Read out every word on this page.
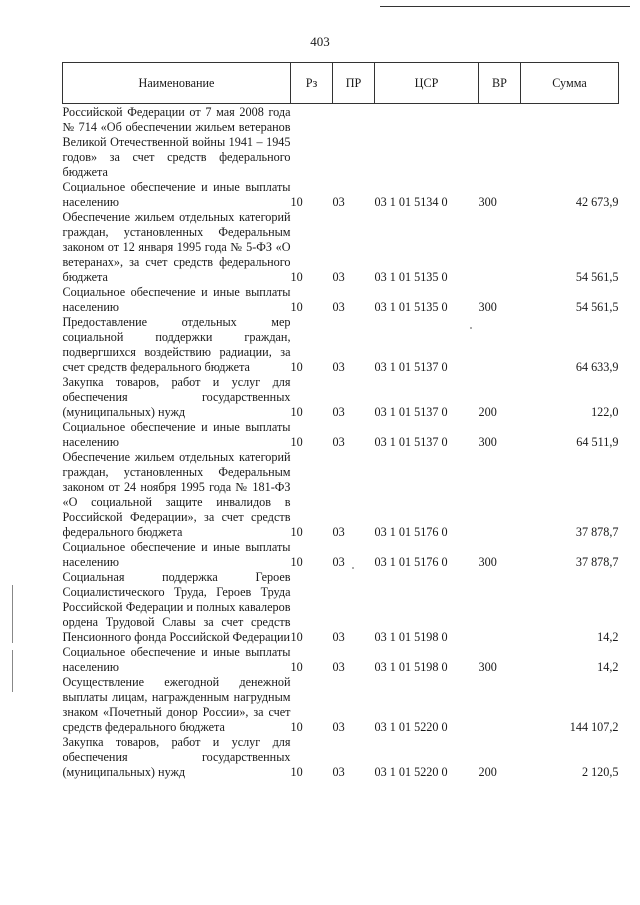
403
Наименование	Рз	ПР	ЦСР	ВР	Сумма

Российской Федерации от 7 мая 2008 года № 714 «Об обеспечении жильем ветеранов Великой Отечественной войны 1941 – 1945 годов» за счет средств федерального бюджета					

Социальное обеспечение и иные выплаты населению	10	03	03 1 01 5134 0	300	42 673,9

Обеспечение жильем отдельных категорий граждан, установленных Федеральным законом от 12 января 1995 года № 5-ФЗ «О ветеранах», за счет средств федерального бюджета	10	03	03 1 01 5135 0		54 561,5

Социальное обеспечение и иные выплаты населению	10	03	03 1 01 5135 0	300	54 561,5

Предоставление отдельных мер социальной поддержки граждан, подвергшихся воздействию радиации, за счет средств федерального бюджета	10	03	03 1 01 5137 0		64 633,9

Закупка товаров, работ и услуг для обеспечения государственных (муниципальных) нужд	10	03	03 1 01 5137 0	200	122,0

Социальное обеспечение и иные выплаты населению	10	03	03 1 01 5137 0	300	64 511,9

Обеспечение жильем отдельных категорий граждан, установленных Федеральным законом от 24 ноября 1995 года № 181-ФЗ «О социальной защите инвалидов в Российской Федерации», за счет средств федерального бюджета	10	03	03 1 01 5176 0		37 878,7

Социальное обеспечение и иные выплаты населению	10	03	03 1 01 5176 0	300	37 878,7

Социальная поддержка Героев Социалистического Труда, Героев Труда Российской Федерации и полных кавалеров ордена Трудовой Славы за счет средств Пенсионного фонда Российской Федерации	10	03	03 1 01 5198 0		14,2

Социальное обеспечение и иные выплаты населению	10	03	03 1 01 5198 0	300	14,2

Осуществление ежегодной денежной выплаты лицам, награжденным нагрудным знаком «Почетный донор России», за счет средств федерального бюджета	10	03	03 1 01 5220 0		144 107,2

Закупка товаров, работ и услуг для обеспечения государственных (муниципальных) нужд	10	03	03 1 01 5220 0	200	2 120,5
